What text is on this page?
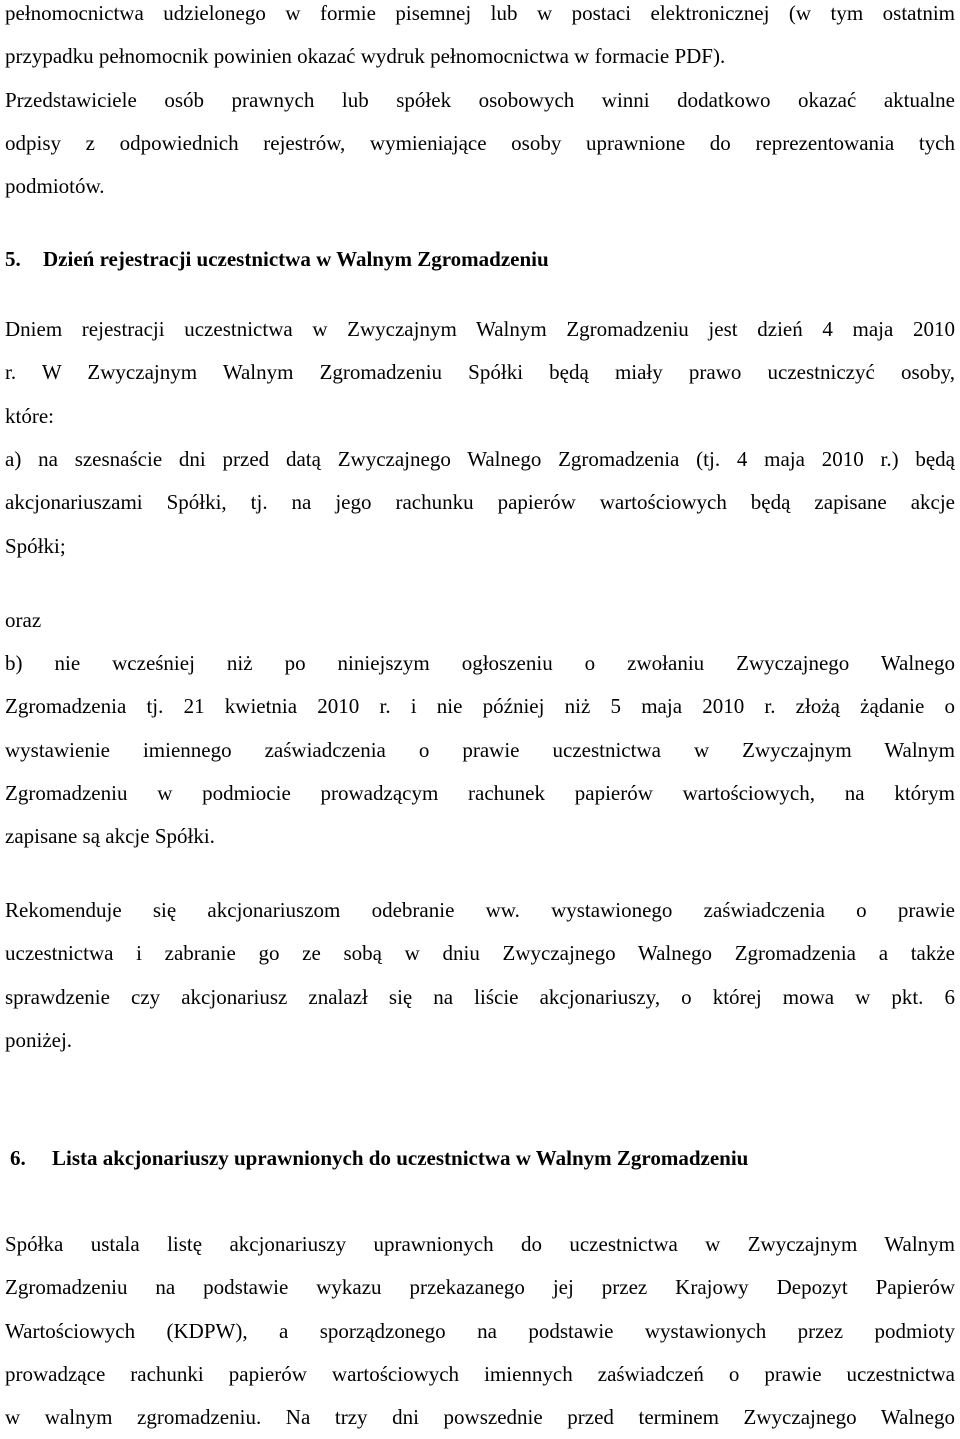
pełnomocnictwa udzielonego w formie pisemnej lub w postaci elektronicznej (w tym ostatnim
przypadku pełnomocnik powinien okazać wydruk pełnomocnictwa w formacie PDF).
Przedstawiciele osób prawnych lub spółek osobowych winni dodatkowo okazać aktualne
odpisy z odpowiednich rejestrów, wymieniające osoby uprawnione do reprezentowania tych
podmiotów.
5. Dzień rejestracji uczestnictwa w Walnym Zgromadzeniu
Dniem rejestracji uczestnictwa w Zwyczajnym Walnym Zgromadzeniu jest dzień 4 maja 2010
r. W Zwyczajnym Walnym Zgromadzeniu Spółki będą miały prawo uczestniczyć osoby,
które:
a) na szesnaście dni przed datą Zwyczajnego Walnego Zgromadzenia (tj. 4 maja 2010 r.) będą
akcjonariuszami Spółki, tj. na jego rachunku papierów wartościowych będą zapisane akcje
Spółki;
oraz
b) nie wcześniej niż po niniejszym ogłoszeniu o zwołaniu Zwyczajnego Walnego
Zgromadzenia tj. 21 kwietnia 2010 r. i nie później niż 5 maja 2010 r. złożą żądanie o
wystawienie imiennego zaświadczenia o prawie uczestnictwa w Zwyczajnym Walnym
Zgromadzeniu w podmiocie prowadzącym rachunek papierów wartościowych, na którym
zapisane są akcje Spółki.
Rekomenduje się akcjonariuszom odebranie ww. wystawionego zaświadczenia o prawie
uczestnictwa i zabranie go ze sobą w dniu Zwyczajnego Walnego Zgromadzenia a także
sprawdzenie czy akcjonariusz znalazł się na liście akcjonariuszy, o której mowa w pkt. 6
poniżej.
6. Lista akcjonariuszy uprawnionych do uczestnictwa w Walnym Zgromadzeniu
Spółka ustala listę akcjonariuszy uprawnionych do uczestnictwa w Zwyczajnym Walnym
Zgromadzeniu na podstawie wykazu przekazanego jej przez Krajowy Depozyt Papierów
Wartościowych (KDPW), a sporządzonego na podstawie wystawionych przez podmioty
prowadzące rachunki papierów wartościowych imiennych zaświadczeń o prawie uczestnictwa
w walnym zgromadzeniu. Na trzy dni powszednie przed terminem Zwyczajnego Walnego
